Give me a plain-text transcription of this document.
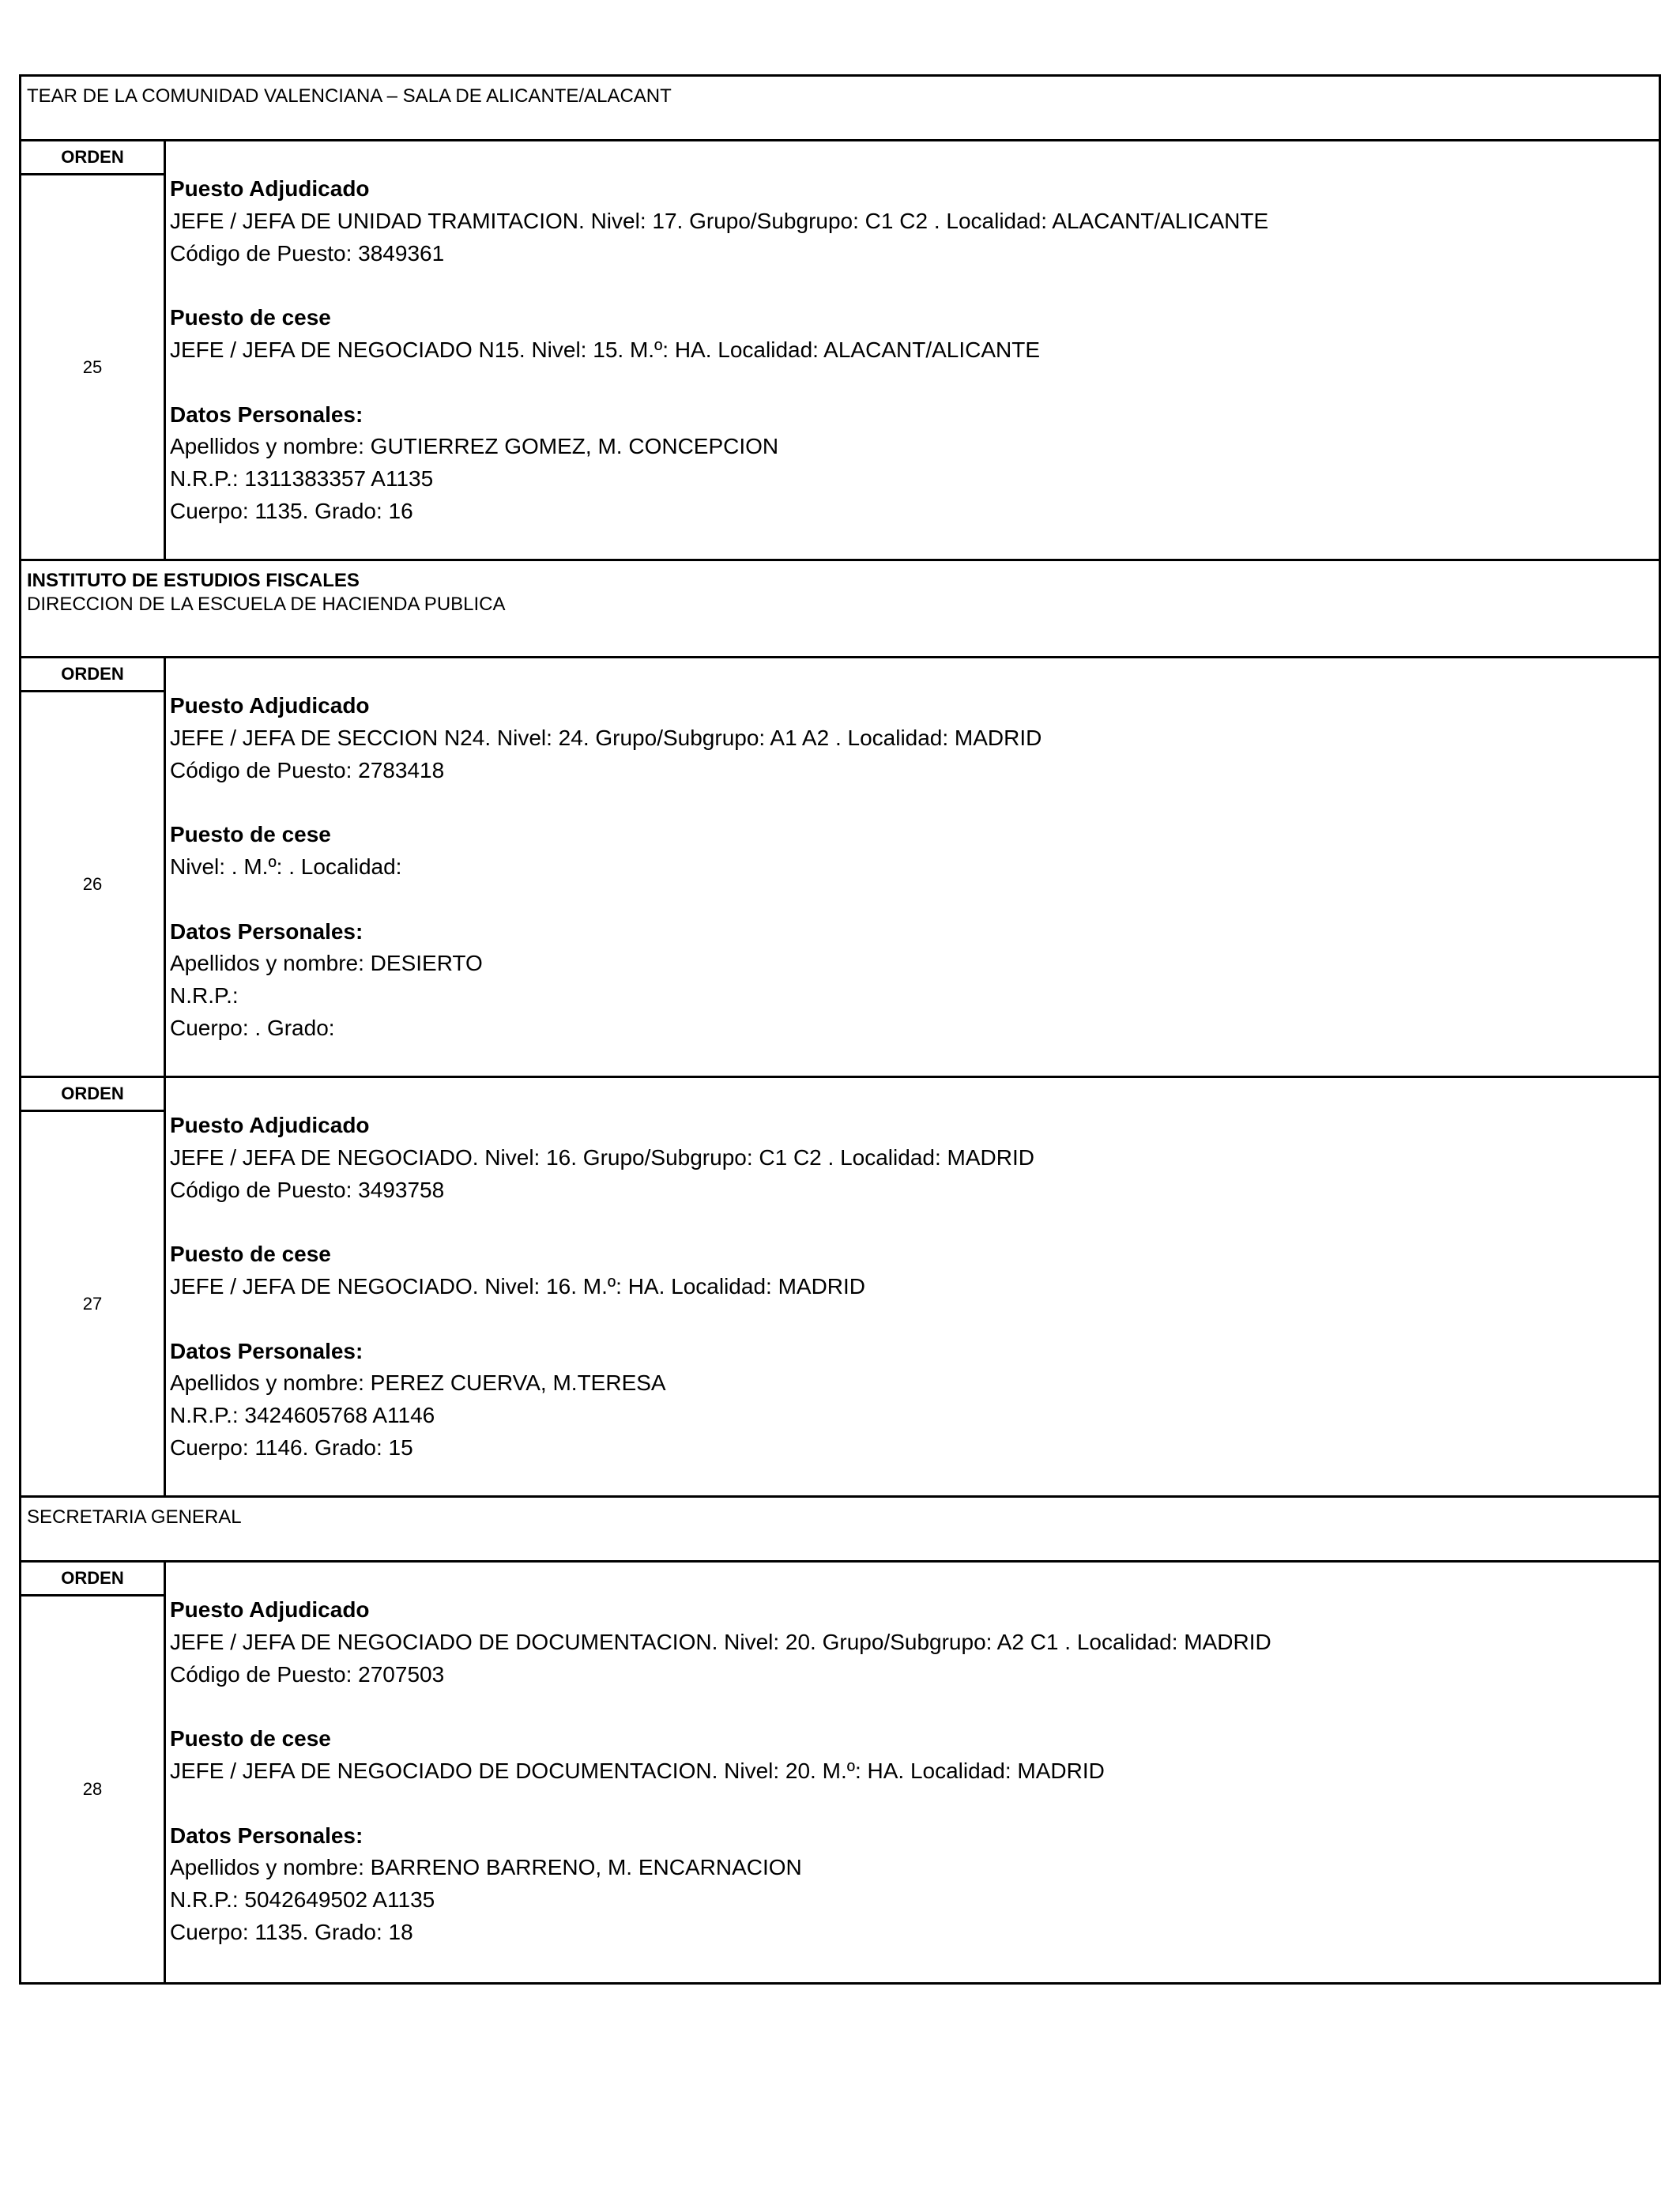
TEAR DE LA COMUNIDAD VALENCIANA – SALA DE ALICANTE/ALACANT
ORDEN
25
Puesto Adjudicado
JEFE / JEFA DE UNIDAD TRAMITACION. Nivel: 17. Grupo/Subgrupo: C1 C2 . Localidad: ALACANT/ALICANTE
Código de Puesto: 3849361
Puesto de cese
JEFE / JEFA DE NEGOCIADO N15. Nivel: 15. M.º: HA. Localidad: ALACANT/ALICANTE
Datos Personales:
Apellidos y nombre: GUTIERREZ GOMEZ, M. CONCEPCION
N.R.P.: 1311383357 A1135
Cuerpo: 1135. Grado: 16
INSTITUTO DE ESTUDIOS FISCALES
DIRECCION DE LA ESCUELA DE HACIENDA PUBLICA
ORDEN
26
Puesto Adjudicado
JEFE / JEFA DE SECCION N24. Nivel: 24. Grupo/Subgrupo: A1 A2 . Localidad: MADRID
Código de Puesto: 2783418
Puesto de cese
Nivel: . M.º: . Localidad:
Datos Personales:
Apellidos y nombre: DESIERTO
N.R.P.:
Cuerpo: . Grado:
ORDEN
27
Puesto Adjudicado
JEFE / JEFA DE NEGOCIADO. Nivel: 16. Grupo/Subgrupo: C1 C2 . Localidad: MADRID
Código de Puesto: 3493758
Puesto de cese
JEFE / JEFA DE NEGOCIADO. Nivel: 16. M.º: HA. Localidad: MADRID
Datos Personales:
Apellidos y nombre: PEREZ CUERVA, M.TERESA
N.R.P.: 3424605768 A1146
Cuerpo: 1146. Grado: 15
SECRETARIA GENERAL
ORDEN
28
Puesto Adjudicado
JEFE / JEFA DE NEGOCIADO DE DOCUMENTACION. Nivel: 20. Grupo/Subgrupo: A2 C1 . Localidad: MADRID
Código de Puesto: 2707503
Puesto de cese
JEFE / JEFA DE NEGOCIADO DE DOCUMENTACION. Nivel: 20. M.º: HA. Localidad: MADRID
Datos Personales:
Apellidos y nombre: BARRENO BARRENO, M. ENCARNACION
N.R.P.: 5042649502 A1135
Cuerpo: 1135. Grado: 18
